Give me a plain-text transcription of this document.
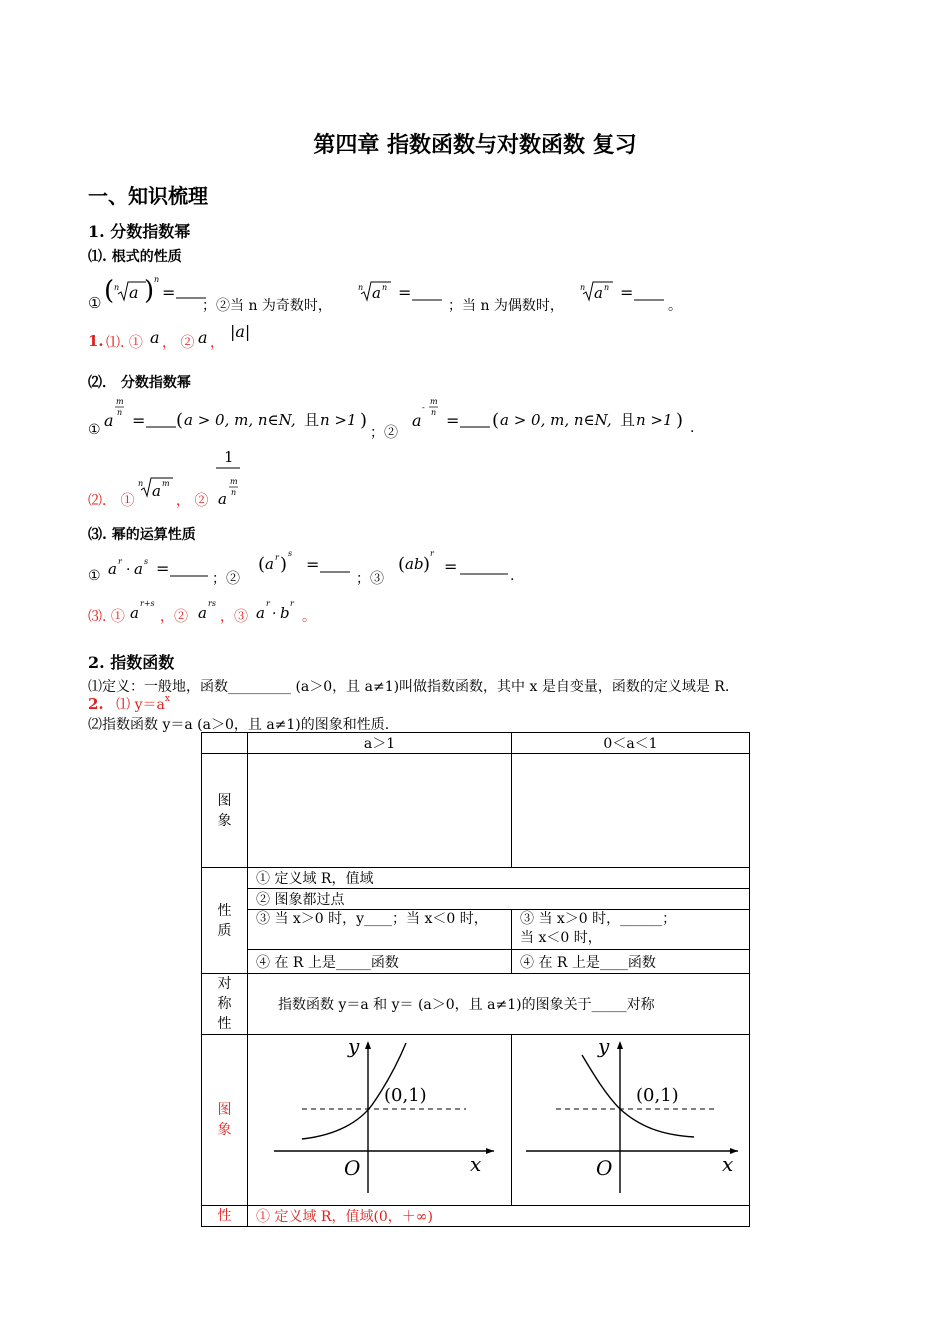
第四章 指数函数与对数函数 复习
一、知识梳理
1. 分数指数幂
⑴. 根式的性质
① ( n a ) n
=
；②当 n 为奇数时，
n a n =
；当 n 为偶数时，
n a n =
。
1. ⑴. ① a ， ② a ，
|a|
⑵． 分数指数幂
① a
m
n = ( a > 0, m, n∈N, 且 n >1 )
；②
a
-
m
n = ( a > 0, m, n∈N, 且 n >1 ) .
⑵． ①
n a m
， ②
1
a
m
n
⑶. 幂的运算性质
① a r
· a s =
；②
( a r )
s
=
；③
( ab )
r
=	.
⑶. ① a
r+s
，② a
rs
，③ a
r
· b
r
。
2. 指数函数
⑴定义：一般地，函数_________ (a＞0，且 a≠1)叫做指数函数，其中 x 是自变量，函数的定义域是 R.
2. ⑴ $y=a^x$
⑵指数函数 y＝a (a＞0，且 a≠1)的图象和性质.
	a＞1	0＜a＜1
图象		
性质	① 定义域 R，值域	
	② 图象都过点	
	③ 当 x＞0 时，y____；当 x＜0 时，	③ 当 x＞0 时，______；
当 x＜0 时，

	④ 在 R 上是_____函数	④ 在 R 上是____函数
对称性	指数函数 y＝a 和 y＝ (a＞0，且 a≠1)的图象关于_____对称	
图象	y
(0,1)
O x	y
(0,1)
O x

性	① 定义域 R，值域(0，＋∞)	
